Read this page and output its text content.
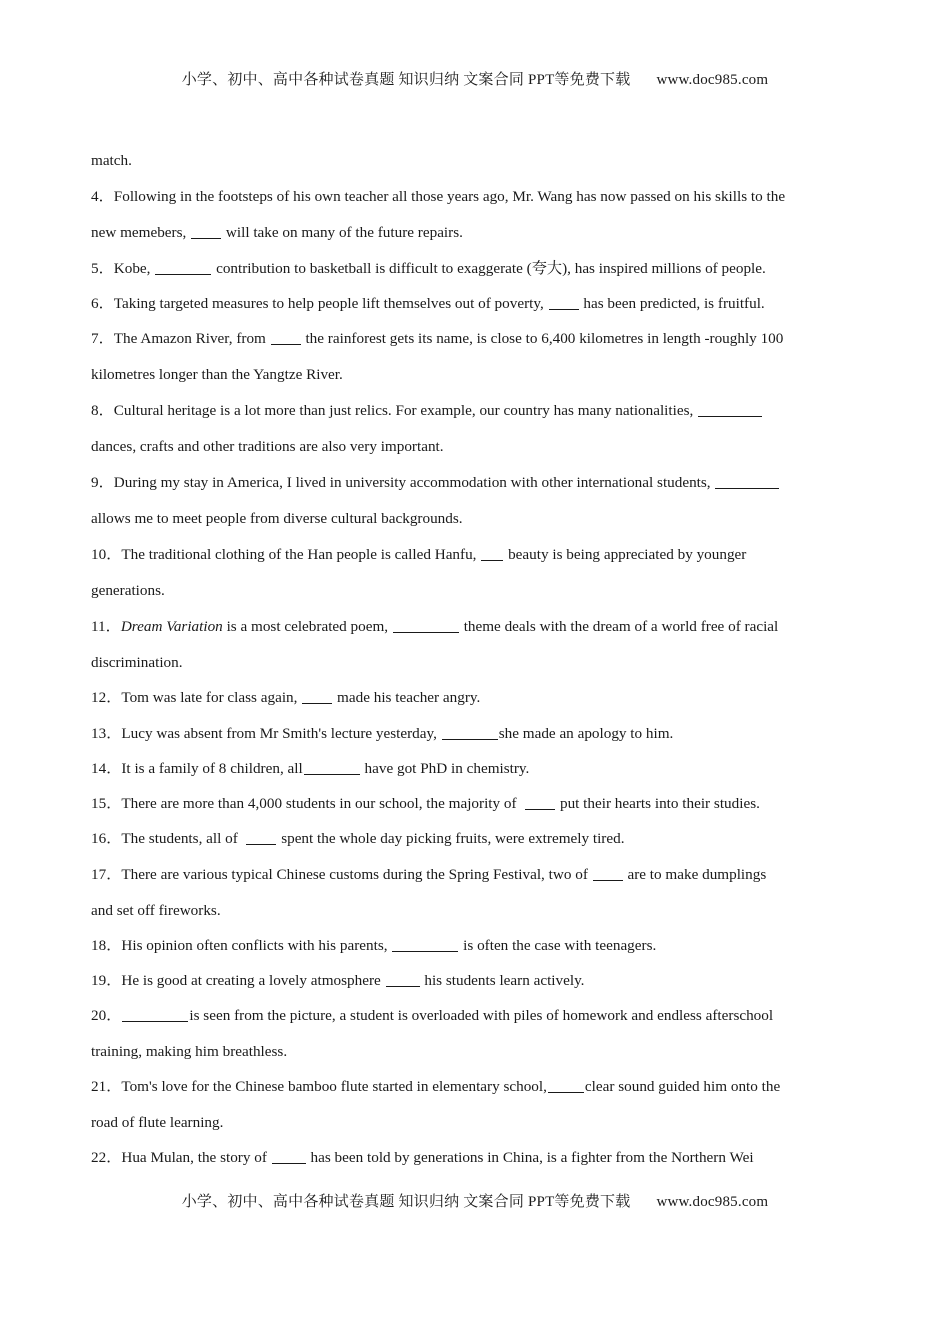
小学、初中、高中各种试卷真题 知识归纳 文案合同 PPT等免费下载 www.doc985.com
match.
4．Following in the footsteps of his own teacher all those years ago, Mr. Wang has now passed on his skills to the
new memebers,	will take on many of the future repairs.
5．Kobe,	contribution to basketball is difficult to exaggerate (夸大), has inspired millions of people.
6．Taking targeted measures to help people lift themselves out of poverty,	has been predicted, is fruitful.
7．The Amazon River, from	the rainforest gets its name, is close to 6,400 kilometres in length -roughly 100
kilometres longer than the Yangtze River.
8．Cultural heritage is a lot more than just relics. For example, our country has many nationalities,
dances, crafts and other traditions are also very important.
9．During my stay in America, I lived in university accommodation with other international students,
allows me to meet people from diverse cultural backgrounds.
10．The traditional clothing of the Han people is called Hanfu, beauty is being appreciated by younger
generations.
11．Dream Variation is a most celebrated poem,	theme deals with the dream of a world free of racial
discrimination.
12．Tom was late for class again,	made his teacher angry.
13．Lucy was absent from Mr Smith's lecture yesterday,	she made an apology to him.
14．It is a family of 8 children, all	have got PhD in chemistry.
15．There are more than 4,000 students in our school, the majority of	put their hearts into their studies.
16．The students, all of	spent the whole day picking fruits, were extremely tired.
17．There are various typical Chinese customs during the Spring Festival, two of	are to make dumplings
and set off fireworks.
18．His opinion often conflicts with his parents,	is often the case with teenagers.
19．He is good at creating a lovely atmosphere	his students learn actively.
20．	is seen from the picture, a student is overloaded with piles of homework and endless afterschool
training, making him breathless.
21．Tom's love for the Chinese bamboo flute started in elementary school,	clear sound guided him onto the
road of flute learning.
22．Hua Mulan, the story of	has been told by generations in China, is a fighter from the Northern Wei
小学、初中、高中各种试卷真题 知识归纳 文案合同 PPT等免费下载 www.doc985.com
